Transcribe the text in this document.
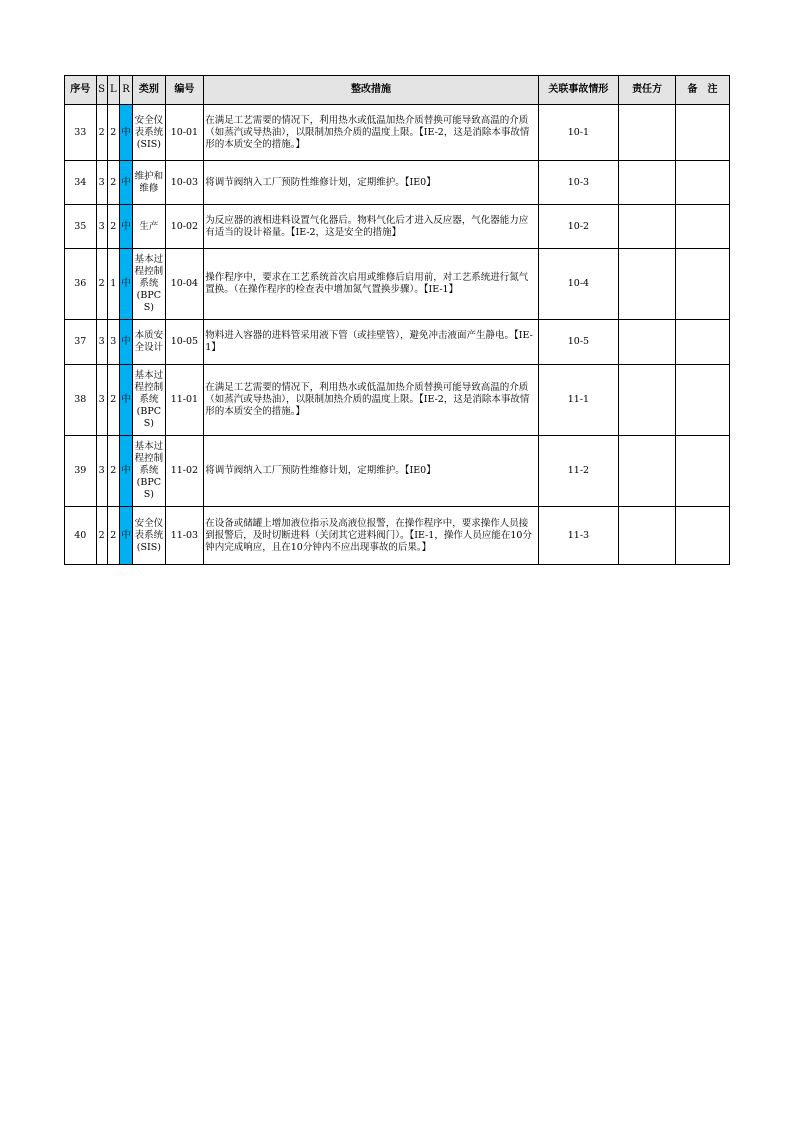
序号	S	L	R	类别	编号	整改措施	关联事故情形	责任方	备　注
33	2	2	中	安全仪表系统(SIS)	10-01	在满足工艺需要的情况下，利用热水或低温加热介质替换可能导致高温的介质（如蒸汽或导热油），以限制加热介质的温度上限。【IE-2，这是消除本事故情形的本质安全的措施。】	10-1		
34	3	2	中	维护和维修	10-03	将调节阀纳入工厂预防性维修计划，定期维护。【IE0】	10-3		
35	3	2	中	生产	10-02	为反应器的液相进料设置气化器后。物料气化后才进入反应器，气化器能力应有适当的设计裕量。【IE-2，这是安全的措施】	10-2		
36	2	1	中	基本过程控制系统(BPCS)	10-04	操作程序中，要求在工艺系统首次启用或维修后启用前，对工艺系统进行氮气置换。（在操作程序的检查表中增加氮气置换步骤）。【IE-1】	10-4		
37	3	3	中	本质安全设计	10-05	物料进入容器的进料管采用液下管（或挂壁管），避免冲击液面产生静电。【IE-1】	10-5		
38	3	2	中	基本过程控制系统(BPCS)	11-01	在满足工艺需要的情况下，利用热水或低温加热介质替换可能导致高温的介质（如蒸汽或导热油），以限制加热介质的温度上限。【IE-2，这是消除本事故情形的本质安全的措施。】	11-1		
39	3	2	中	基本过程控制系统(BPCS)	11-02	将调节阀纳入工厂预防性维修计划，定期维护。【IE0】	11-2		
40	2	2	中	安全仪表系统(SIS)	11-03	在设备或储罐上增加液位指示及高液位报警，在操作程序中，要求操作人员接到报警后，及时切断进料（关闭其它进料阀门）。【IE-1，操作人员应能在10分钟内完成响应，且在10分钟内不应出现事故的后果。】	11-3		
